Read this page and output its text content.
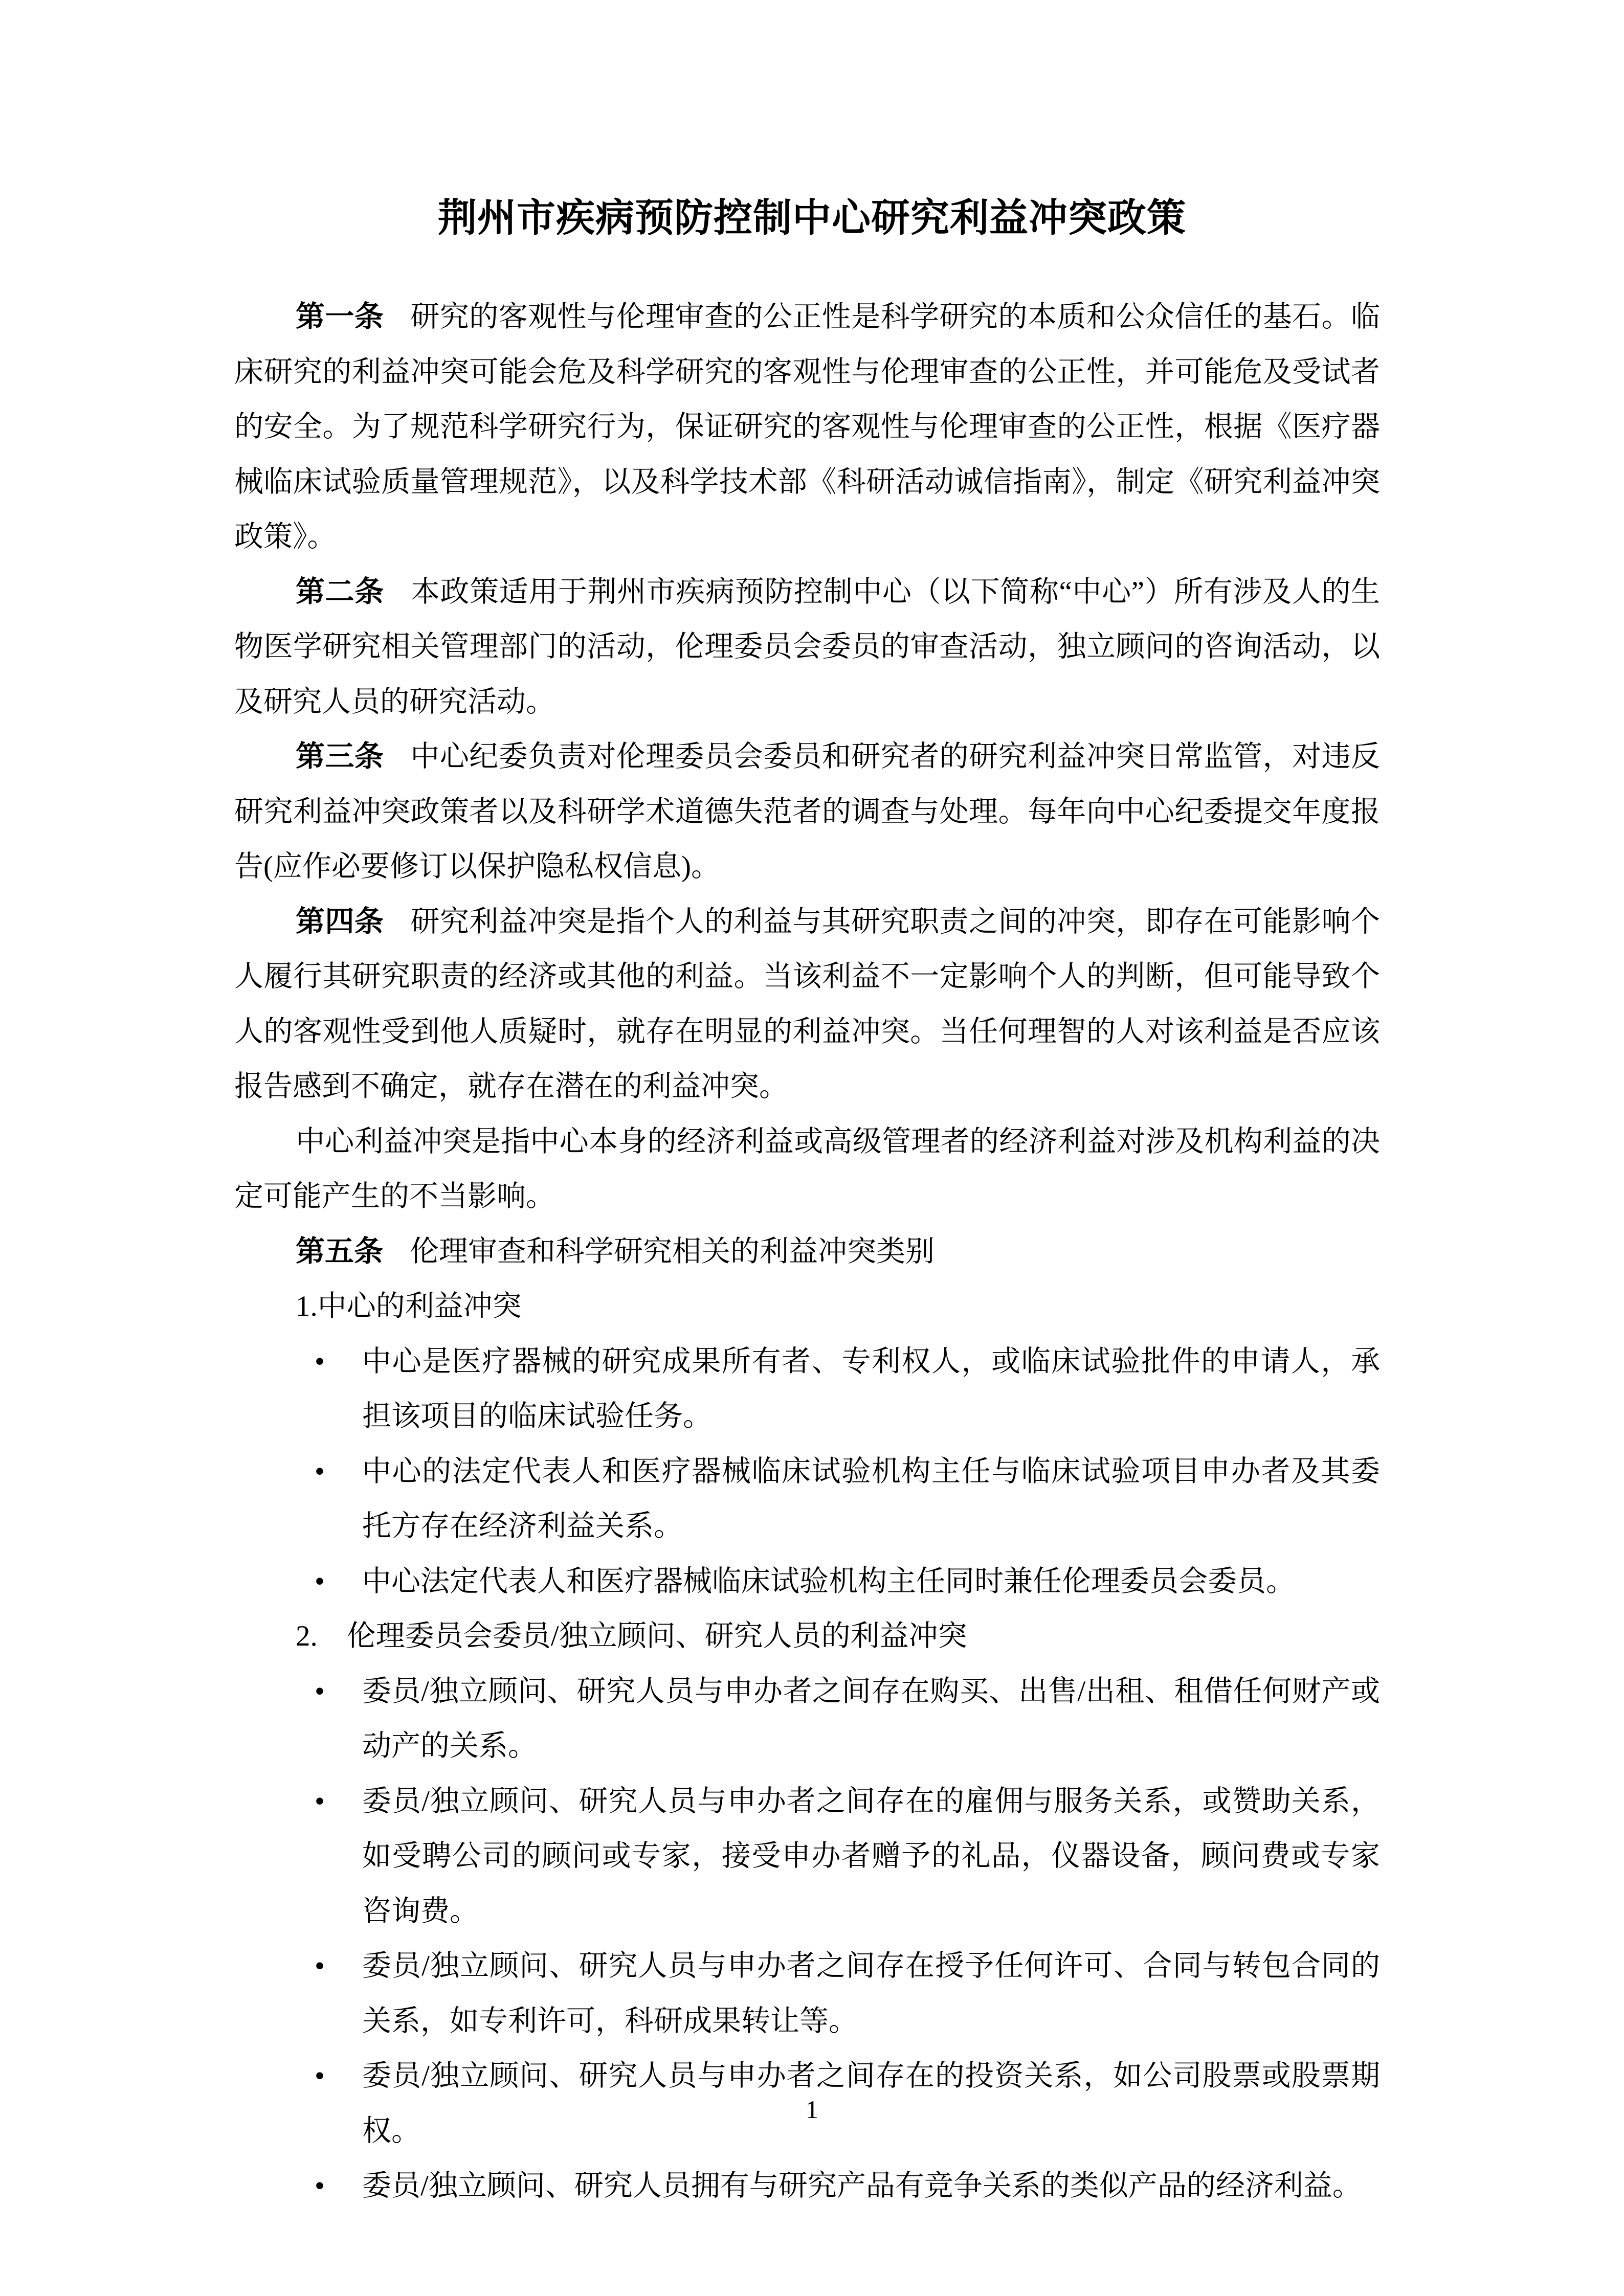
荆州市疾病预防控制中心研究利益冲突政策

第一条 研究的客观性与伦理审查的公正性是科学研究的本质和公众信任的基石。临床研究的利益冲突可能会危及科学研究的客观性与伦理审查的公正性，并可能危及受试者的安全。为了规范科学研究行为，保证研究的客观性与伦理审查的公正性，根据《医疗器械临床试验质量管理规范》，以及科学技术部《科研活动诚信指南》，制定《研究利益冲突政策》。

第二条 本政策适用于荆州市疾病预防控制中心（以下简称“中心”）所有涉及人的生物医学研究相关管理部门的活动，伦理委员会委员的审查活动，独立顾问的咨询活动，以及研究人员的研究活动。

第三条 中心纪委负责对伦理委员会委员和研究者的研究利益冲突日常监管，对违反研究利益冲突政策者以及科研学术道德失范者的调查与处理。每年向中心纪委提交年度报告(应作必要修订以保护隐私权信息)。

第四条 研究利益冲突是指个人的利益与其研究职责之间的冲突，即存在可能影响个人履行其研究职责的经济或其他的利益。当该利益不一定影响个人的判断，但可能导致个人的客观性受到他人质疑时，就存在明显的利益冲突。当任何理智的人对该利益是否应该报告感到不确定，就存在潜在的利益冲突。

中心利益冲突是指中心本身的经济利益或高级管理者的经济利益对涉及机构利益的决定可能产生的不当影响。

第五条 伦理审查和科学研究相关的利益冲突类别

1.中心的利益冲突

• 中心是医疗器械的研究成果所有者、专利权人，或临床试验批件的申请人，承担该项目的临床试验任务。
• 中心的法定代表人和医疗器械临床试验机构主任与临床试验项目申办者及其委托方存在经济利益关系。
• 中心法定代表人和医疗器械临床试验机构主任同时兼任伦理委员会委员。

2.　伦理委员会委员/独立顾问、研究人员的利益冲突

• 委员/独立顾问、研究人员与申办者之间存在购买、出售/出租、租借任何财产或动产的关系。
• 委员/独立顾问、研究人员与申办者之间存在的雇佣与服务关系，或赞助关系，如受聘公司的顾问或专家，接受申办者赠予的礼品，仪器设备，顾问费或专家咨询费。
• 委员/独立顾问、研究人员与申办者之间存在授予任何许可、合同与转包合同的关系，如专利许可，科研成果转让等。
• 委员/独立顾问、研究人员与申办者之间存在的投资关系，如公司股票或股票期权。
• 委员/独立顾问、研究人员拥有与研究产品有竞争关系的类似产品的经济利益。
1
